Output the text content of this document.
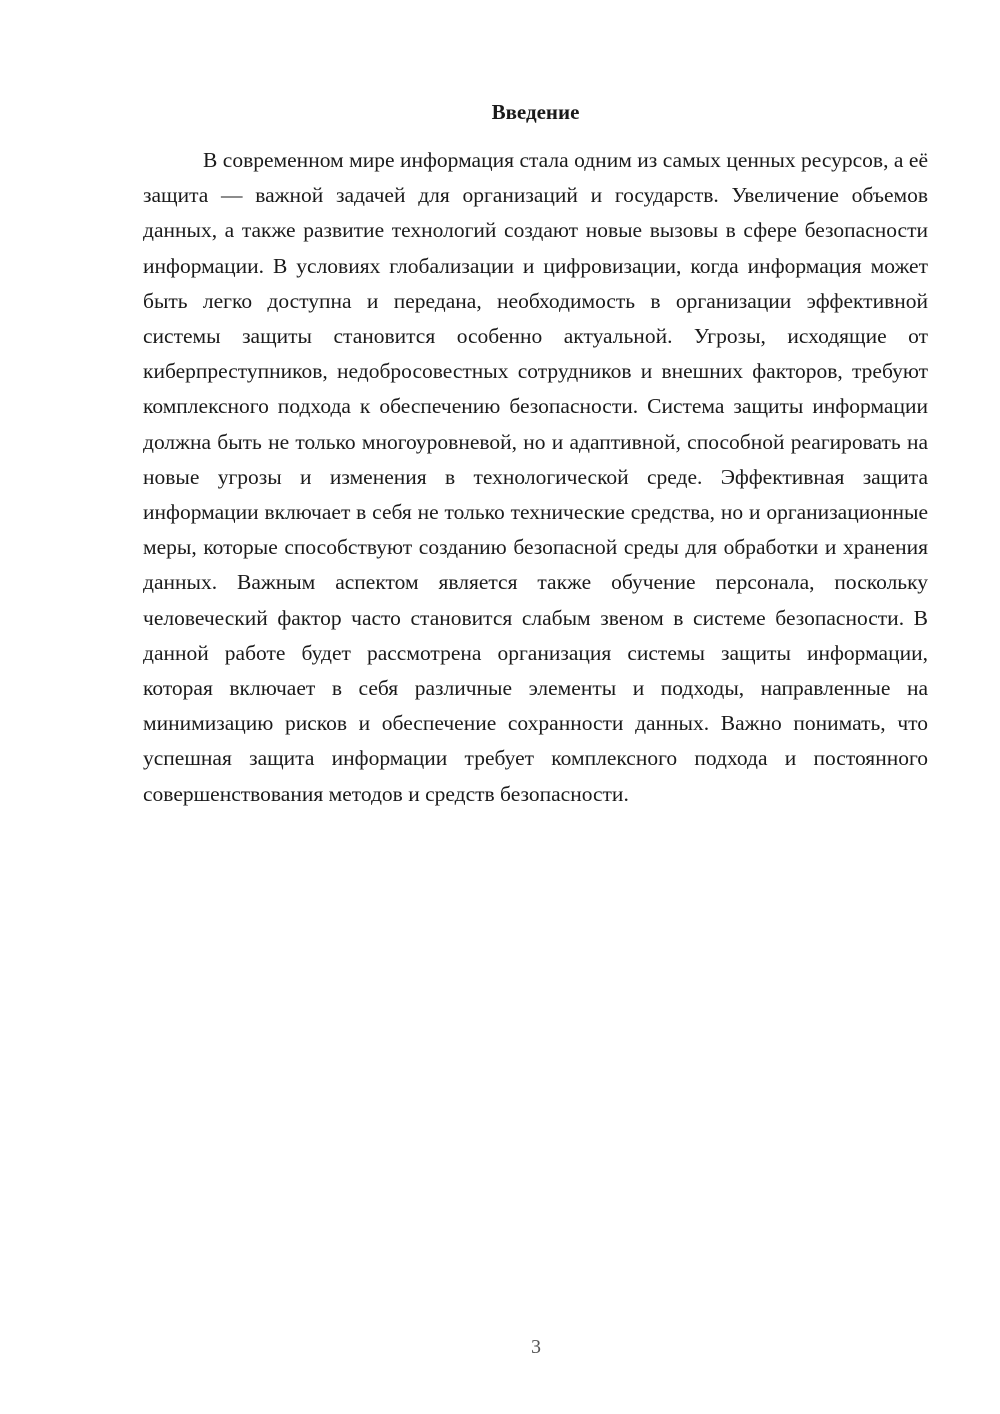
Введение

В современном мире информация стала одним из самых ценных ресурсов, а её защита — важной задачей для организаций и государств. Увеличение объемов данных, а также развитие технологий создают новые вызовы в сфере безопасности информации. В условиях глобализации и цифровизации, когда информация может быть легко доступна и передана, необходимость в организации эффективной системы защиты становится особенно актуальной. Угрозы, исходящие от киберпреступников, недобросовестных сотрудников и внешних факторов, требуют комплексного подхода к обеспечению безопасности. Система защиты информации должна быть не только многоуровневой, но и адаптивной, способной реагировать на новые угрозы и изменения в технологической среде. Эффективная защита информации включает в себя не только технические средства, но и организационные меры, которые способствуют созданию безопасной среды для обработки и хранения данных. Важным аспектом является также обучение персонала, поскольку человеческий фактор часто становится слабым звеном в системе безопасности. В данной работе будет рассмотрена организация системы защиты информации, которая включает в себя различные элементы и подходы, направленные на минимизацию рисков и обеспечение сохранности данных. Важно понимать, что успешная защита информации требует комплексного подхода и постоянного совершенствования методов и средств безопасности.

3
